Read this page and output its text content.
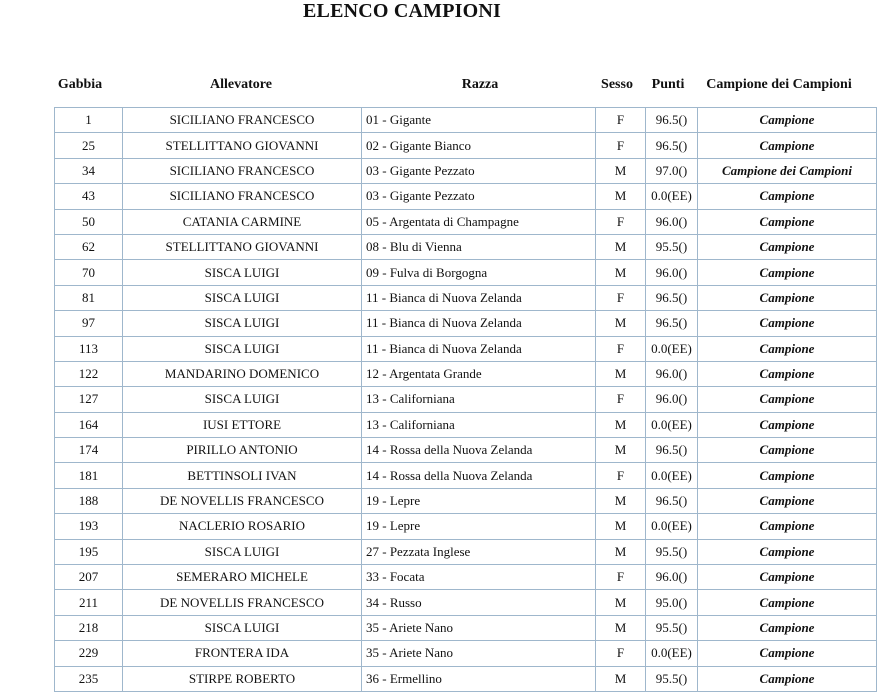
ELENCO CAMPIONI
Gabbia	Allevatore	Razza	Sesso	Punti	Campione dei Campioni
1	SICILIANO FRANCESCO	01 - Gigante	F	96.5()	Campione
25	STELLITTANO GIOVANNI	02 - Gigante Bianco	F	96.5()	Campione
34	SICILIANO FRANCESCO	03 - Gigante Pezzato	M	97.0()	Campione dei Campioni
43	SICILIANO FRANCESCO	03 - Gigante Pezzato	M	0.0(EE)	Campione
50	CATANIA CARMINE	05 - Argentata di Champagne	F	96.0()	Campione
62	STELLITTANO GIOVANNI	08 - Blu di Vienna	M	95.5()	Campione
70	SISCA LUIGI	09 - Fulva di Borgogna	M	96.0()	Campione
81	SISCA LUIGI	11 - Bianca di Nuova Zelanda	F	96.5()	Campione
97	SISCA LUIGI	11 - Bianca di Nuova Zelanda	M	96.5()	Campione
113	SISCA LUIGI	11 - Bianca di Nuova Zelanda	F	0.0(EE)	Campione
122	MANDARINO DOMENICO	12 - Argentata Grande	M	96.0()	Campione
127	SISCA LUIGI	13 - Californiana	F	96.0()	Campione
164	IUSI ETTORE	13 - Californiana	M	0.0(EE)	Campione
174	PIRILLO ANTONIO	14 - Rossa della Nuova Zelanda	M	96.5()	Campione
181	BETTINSOLI IVAN	14 - Rossa della Nuova Zelanda	F	0.0(EE)	Campione
188	DE NOVELLIS FRANCESCO	19 - Lepre	M	96.5()	Campione
193	NACLERIO ROSARIO	19 - Lepre	M	0.0(EE)	Campione
195	SISCA LUIGI	27 - Pezzata Inglese	M	95.5()	Campione
207	SEMERARO MICHELE	33 - Focata	F	96.0()	Campione
211	DE NOVELLIS FRANCESCO	34 - Russo	M	95.0()	Campione
218	SISCA LUIGI	35 - Ariete Nano	M	95.5()	Campione
229	FRONTERA IDA	35 - Ariete Nano	F	0.0(EE)	Campione
235	STIRPE ROBERTO	36 - Ermellino	M	95.5()	Campione
